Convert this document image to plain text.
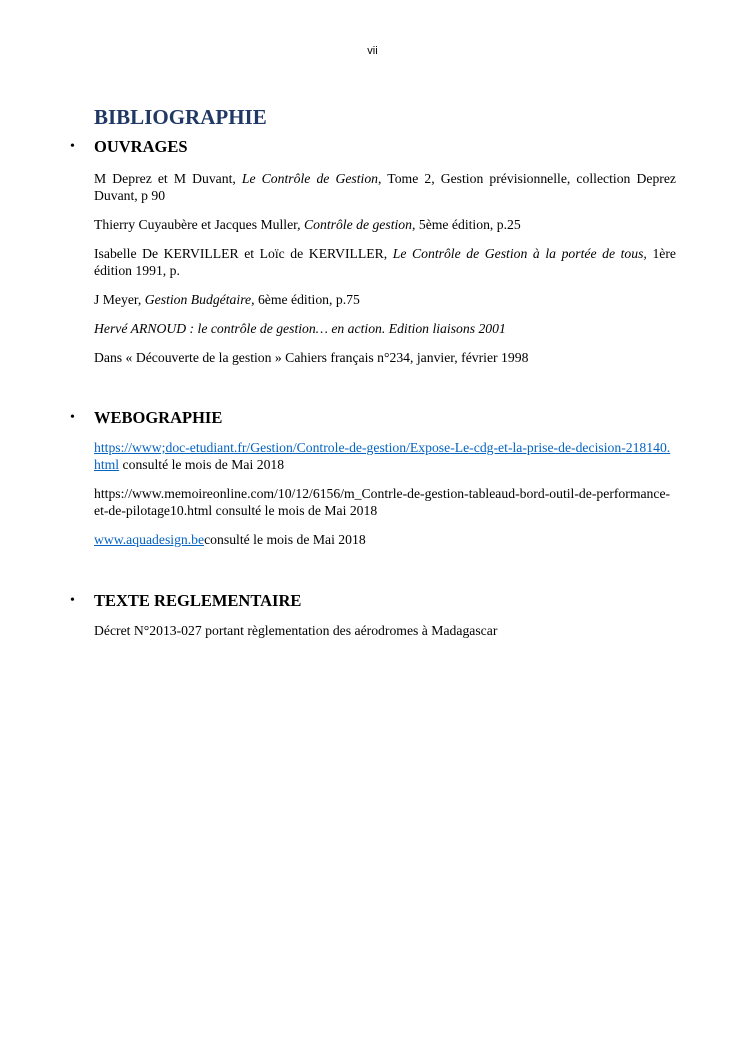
vii
BIBLIOGRAPHIE
• OUVRAGES

M Deprez et M Duvant, Le Contrôle de Gestion, Tome 2, Gestion prévisionnelle, collection Deprez Duvant, p 90

Thierry Cuyaubère et Jacques Muller, Contrôle de gestion, 5ème édition, p.25

Isabelle De KERVILLER et Loïc de KERVILLER, Le Contrôle de Gestion à la portée de tous, 1ère édition 1991, p.

J Meyer, Gestion Budgétaire, 6ème édition, p.75

Hervé ARNOUD : le contrôle de gestion… en action. Edition liaisons 2001

Dans « Découverte de la gestion » Cahiers français n°234, janvier, février 1998

• WEBOGRAPHIE

https://www;doc-etudiant.fr/Gestion/Controle-de-gestion/Expose-Le-cdg-et-la-prise-de-decision-218140.html consulté le mois de Mai 2018

https://www.memoireonline.com/10/12/6156/m_Contrle-de-gestion-tableaud-bord-outil-de-performance-et-de-pilotage10.html consulté le mois de Mai 2018

www.aquadesign.beconsulté le mois de Mai 2018

• TEXTE REGLEMENTAIRE

Décret N°2013-027 portant règlementation des aérodromes à Madagascar
